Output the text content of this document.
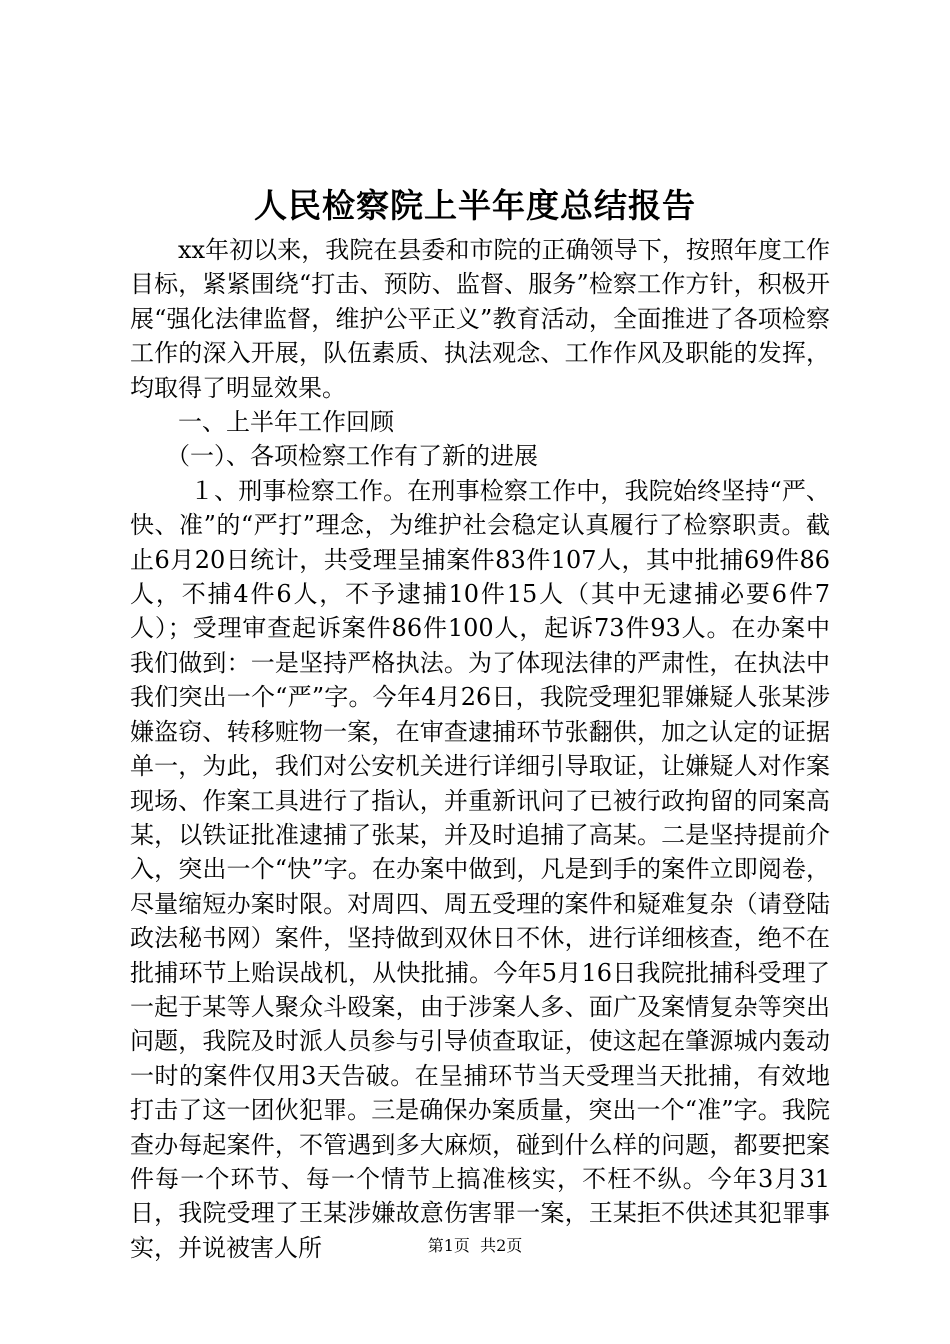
人民检察院上半年度总结报告

xx年初以来，我院在县委和市院的正确领导下，按照年度工作目标，紧紧围绕“打击、预防、监督、服务”检察工作方针，积极开展“强化法律监督，维护公平正义”教育活动，全面推进了各项检察工作的深入开展，队伍素质、执法观念、工作作风及职能的发挥，均取得了明显效果。

一、上半年工作回顾

（一）、各项检察工作有了新的进展

１、刑事检察工作。在刑事检察工作中，我院始终坚持“严、快、准”的“严打”理念，为维护社会稳定认真履行了检察职责。截止6月20日统计，共受理呈捕案件83件107人，其中批捕69件86人，不捕4件6人，不予逮捕10件15人（其中无逮捕必要6件7人）；受理审查起诉案件86件100人，起诉73件93人。在办案中我们做到：一是坚持严格执法。为了体现法律的严肃性，在执法中我们突出一个“严”字。今年4月26日，我院受理犯罪嫌疑人张某涉嫌盗窃、转移赃物一案，在审查逮捕环节张翻供，加之认定的证据单一，为此，我们对公安机关进行详细引导取证，让嫌疑人对作案现场、作案工具进行了指认，并重新讯问了已被行政拘留的同案高某，以铁证批准逮捕了张某，并及时追捕了高某。二是坚持提前介入，突出一个“快”字。在办案中做到，凡是到手的案件立即阅卷，尽量缩短办案时限。对周四、周五受理的案件和疑难复杂（请登陆政法秘书网）案件，坚持做到双休日不休，进行详细核查，绝不在批捕环节上贻误战机，从快批捕。今年5月16日我院批捕科受理了一起于某等人聚众斗殴案，由于涉案人多、面广及案情复杂等突出问题，我院及时派人员参与引导侦查取证，使这起在肇源城内轰动一时的案件仅用3天告破。在呈捕环节当天受理当天批捕，有效地打击了这一团伙犯罪。三是确保办案质量，突出一个“准”字。我院查办每起案件，不管遇到多大麻烦，碰到什么样的问题，都要把案件每一个环节、每一个情节上搞准核实，不枉不纵。今年3月31日，我院受理了王某涉嫌故意伤害罪一案，王某拒不供述其犯罪事实，并说被害人所	第1页 共2页
